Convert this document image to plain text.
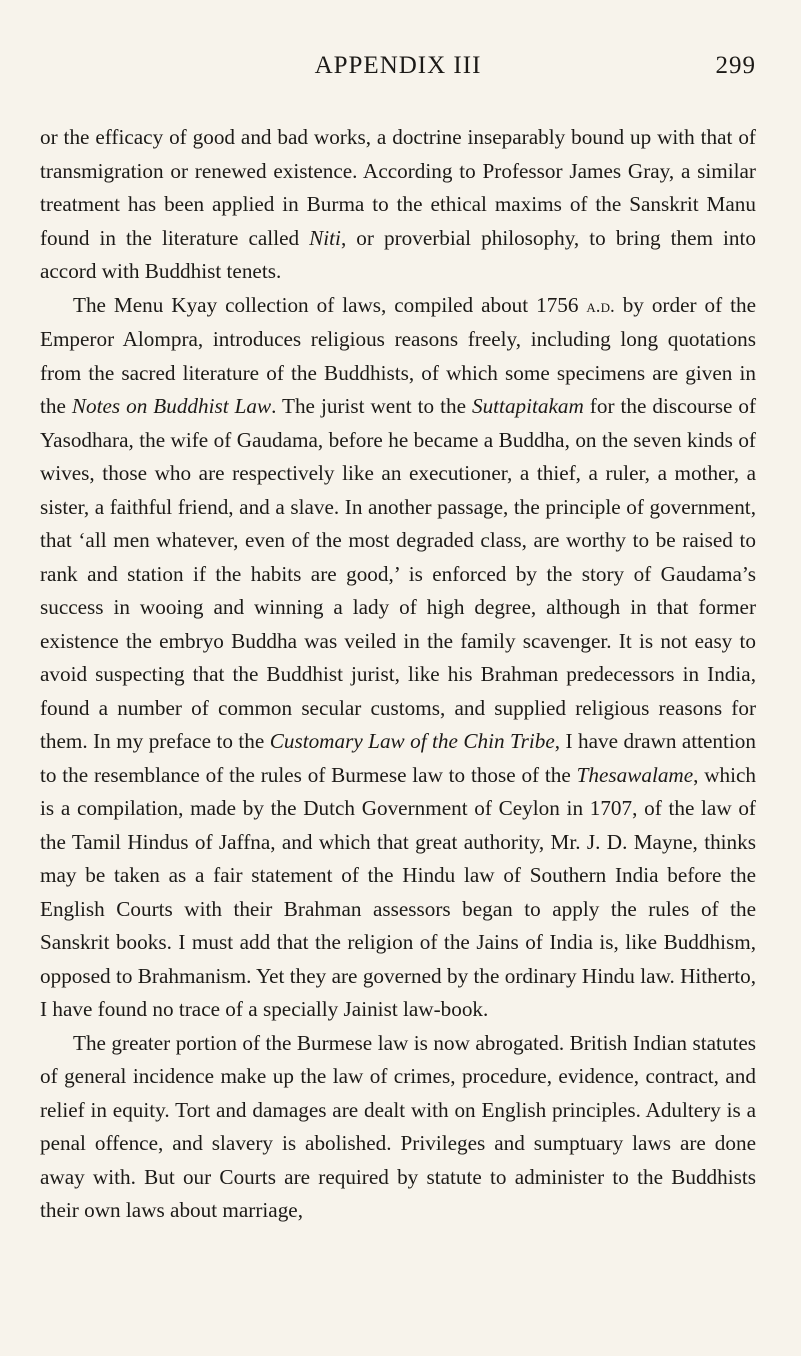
APPENDIX III	299

or the efficacy of good and bad works, a doctrine inseparably bound up with that of transmigration or renewed existence. According to Professor James Gray, a similar treatment has been applied in Burma to the ethical maxims of the Sanskrit Manu found in the literature called Niti, or proverbial philosophy, to bring them into accord with Buddhist tenets.

The Menu Kyay collection of laws, compiled about 1756 a.d. by order of the Emperor Alompra, introduces religious reasons freely, including long quotations from the sacred literature of the Buddhists, of which some specimens are given in the Notes on Buddhist Law. The jurist went to the Suttapitakam for the discourse of Yasodhara, the wife of Gaudama, before he became a Buddha, on the seven kinds of wives, those who are respectively like an executioner, a thief, a ruler, a mother, a sister, a faithful friend, and a slave. In another passage, the principle of government, that ‘all men whatever, even of the most degraded class, are worthy to be raised to rank and station if the habits are good,’ is enforced by the story of Gaudama’s success in wooing and winning a lady of high degree, although in that former existence the embryo Buddha was veiled in the family scavenger. It is not easy to avoid suspecting that the Buddhist jurist, like his Brahman predecessors in India, found a number of common secular customs, and supplied religious reasons for them. In my preface to the Customary Law of the Chin Tribe, I have drawn attention to the resemblance of the rules of Burmese law to those of the Thesawalame, which is a compilation, made by the Dutch Government of Ceylon in 1707, of the law of the Tamil Hindus of Jaffna, and which that great authority, Mr. J. D. Mayne, thinks may be taken as a fair statement of the Hindu law of Southern India before the English Courts with their Brahman assessors began to apply the rules of the Sanskrit books. I must add that the religion of the Jains of India is, like Buddhism, opposed to Brahmanism. Yet they are governed by the ordinary Hindu law. Hitherto, I have found no trace of a specially Jainist law-book.

The greater portion of the Burmese law is now abrogated. British Indian statutes of general incidence make up the law of crimes, procedure, evidence, contract, and relief in equity. Tort and damages are dealt with on English principles. Adultery is a penal offence, and slavery is abolished. Privileges and sumptuary laws are done away with. But our Courts are required by statute to administer to the Buddhists their own laws about marriage,
